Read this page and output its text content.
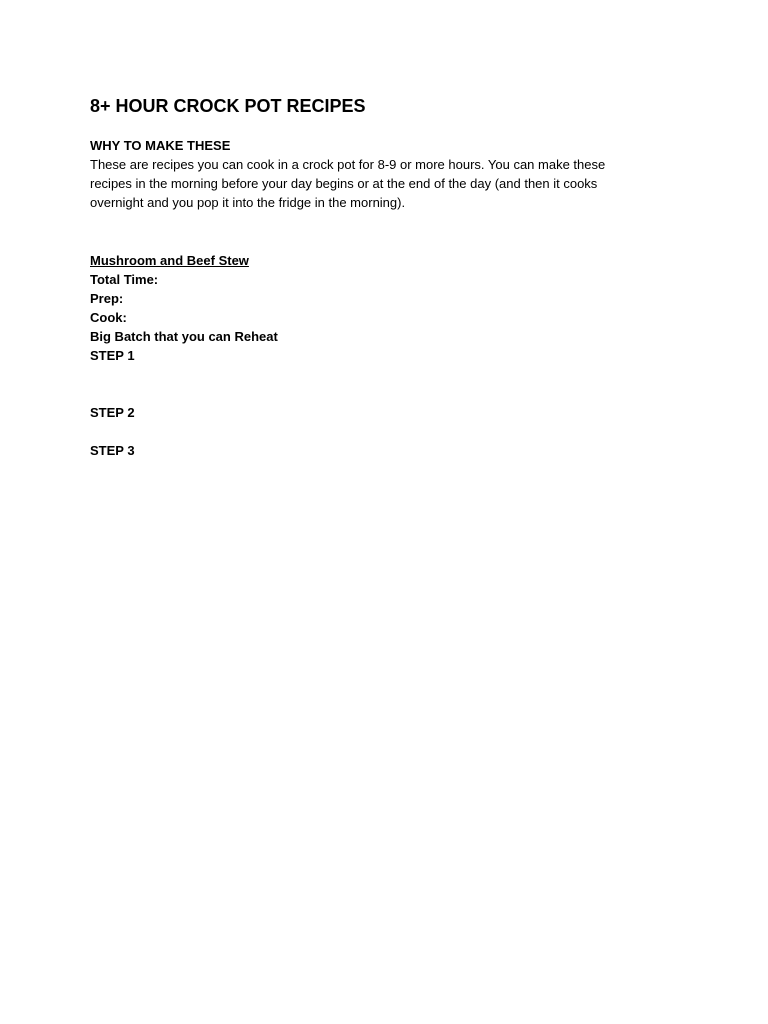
8+ HOUR CROCK POT RECIPES
WHY TO MAKE THESE
These are recipes you can cook in a crock pot for 8-9 or more hours. You can make these
recipes in the morning before your day begins or at the end of the day (and then it cooks
overnight and you pop it into the fridge in the morning).
Mushroom and Beef Stew
Total Time:
Prep:
Cook:
Big Batch that you can Reheat
STEP 1
STEP 2
STEP 3
